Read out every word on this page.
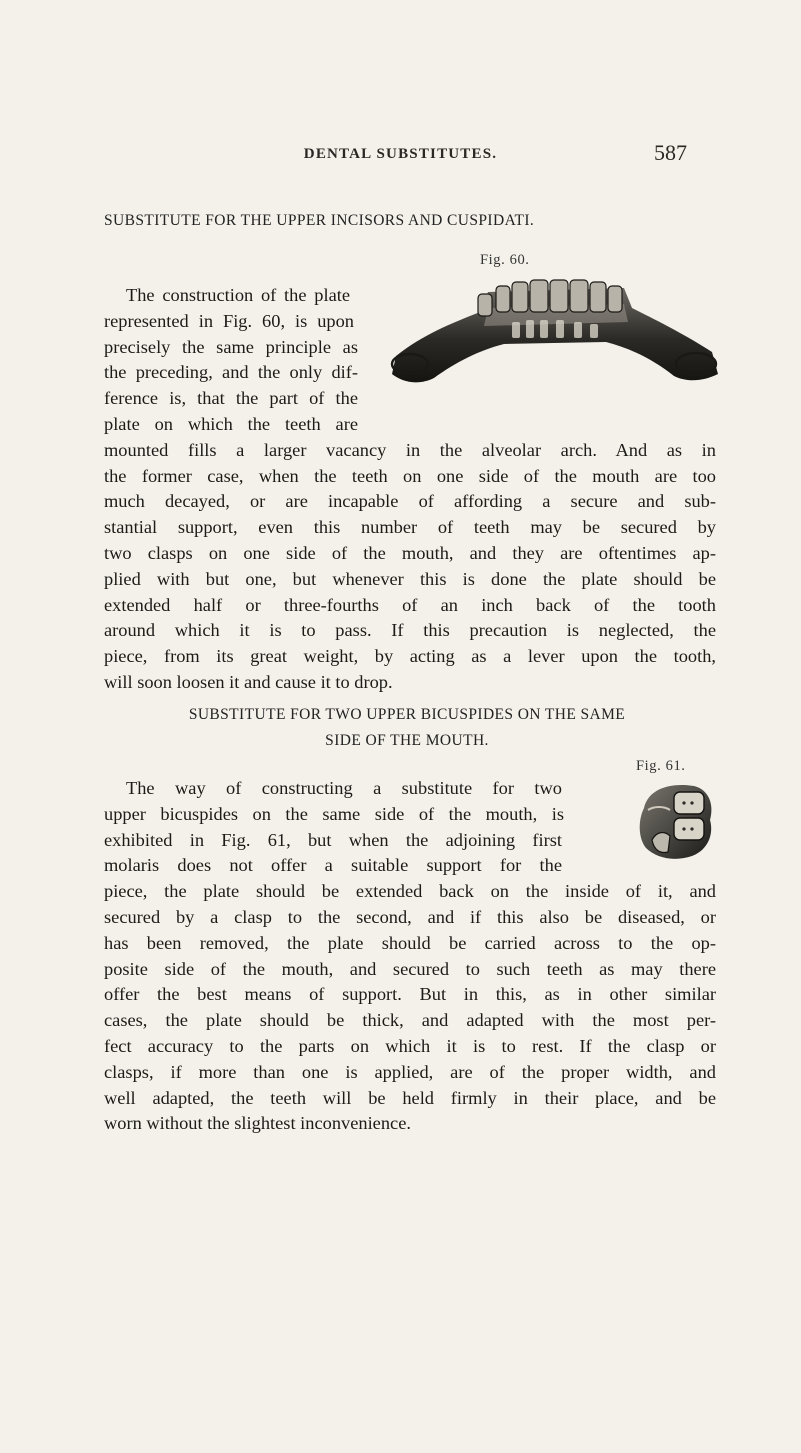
DENTAL SUBSTITUTES.	587
SUBSTITUTE FOR THE UPPER INCISORS AND CUSPIDATI.
Fig. 60.
The construction of the plate
represented in Fig. 60, is upon
precisely the same principle as
the preceding, and the only dif-
ference is, that the part of the
plate on which the teeth are
mounted fills a larger vacancy in the alveolar arch. And as in
the former case, when the teeth on one side of the mouth are too
much decayed, or are incapable of affording a secure and sub-
stantial support, even this number of teeth may be secured by
two clasps on one side of the mouth, and they are oftentimes ap-
plied with but one, but whenever this is done the plate should be
extended half or three-fourths of an inch back of the tooth
around which it is to pass. If this precaution is neglected, the
piece, from its great weight, by acting as a lever upon the tooth,
will soon loosen it and cause it to drop.
SUBSTITUTE FOR TWO UPPER BICUSPIDES ON THE SAME
SIDE OF THE MOUTH.
Fig. 61.
The way of constructing a substitute for two
upper bicuspides on the same side of the mouth, is
exhibited in Fig. 61, but when the adjoining first
molaris does not offer a suitable support for the
piece, the plate should be extended back on the inside of it, and
secured by a clasp to the second, and if this also be diseased, or
has been removed, the plate should be carried across to the op-
posite side of the mouth, and secured to such teeth as may there
offer the best means of support. But in this, as in other similar
cases, the plate should be thick, and adapted with the most per-
fect accuracy to the parts on which it is to rest. If the clasp or
clasps, if more than one is applied, are of the proper width, and
well adapted, the teeth will be held firmly in their place, and be
worn without the slightest inconvenience.
